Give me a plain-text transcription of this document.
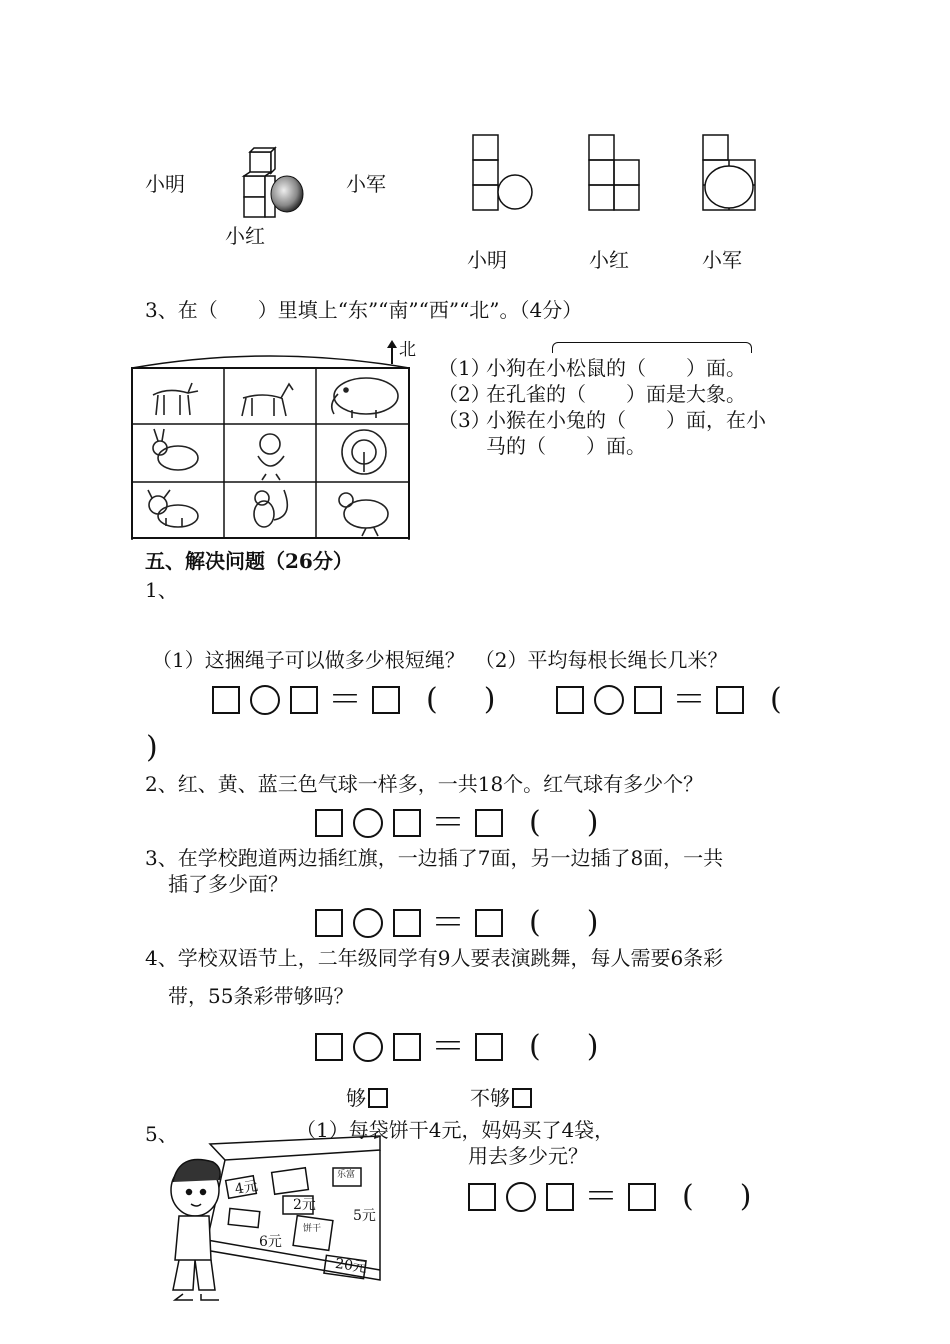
小明	小军
小红
小明	小红	小军
3、在（　　）里填上“东”“南”“西”“北”。（4分）
北
（1）
小狗在小松鼠的（　　）面。
（2）
在孔雀的（　　）面是大象。
（3）
小猴在小兔的（　　）面，在小
马的（　　）面。
五、解决问题（26分）
1、
（1）这捆绳子可以做多少根短绳？　（2）平均每根长绳长几米？
＝ ( )	＝ (
)
2、红、黄、蓝三色气球一样多，一共18个。红气球有多少个？
＝ ( )
3、在学校跑道两边插红旗，一边插了7面，另一边插了8面，一共
插了多少面？
＝ ( )
4、学校双语节上，二年级同学有9人要表演跳舞，每人需要6条彩
带，55条彩带够吗？
＝ ( )
够	不够
5、	（1）每袋饼干4元，妈妈买了4袋，
用去多少元？
4元
2元
5元
6元
20元
乐富
饼干
＝ ( )
